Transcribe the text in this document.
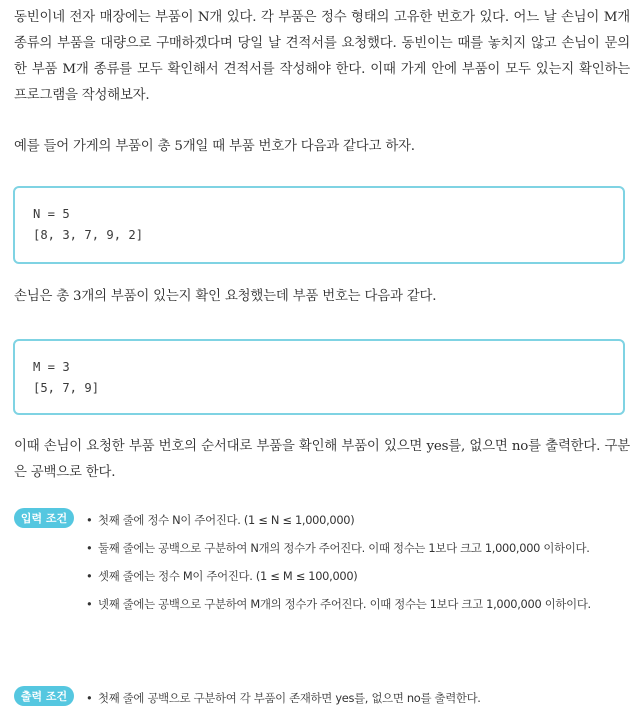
동빈이네 전자 매장에는 부품이 N개 있다. 각 부품은 정수 형태의 고유한 번호가 있다. 어느 날 손님이 M개 종류의 부품을 대량으로 구매하겠다며 당일 날 견적서를 요청했다. 동빈이는 때를 놓치지 않고 손님이 문의한 부품 M개 종류를 모두 확인해서 견적서를 작성해야 한다. 이때 가게 안에 부품이 모두 있는지 확인하는 프로그램을 작성해보자.

예를 들어 가게의 부품이 총 5개일 때 부품 번호가 다음과 같다고 하자.

N = 5
[8, 3, 7, 9, 2]

손님은 총 3개의 부품이 있는지 확인 요청했는데 부품 번호는 다음과 같다.

M = 3
[5, 7, 9]

이때 손님이 요청한 부품 번호의 순서대로 부품을 확인해 부품이 있으면 yes를, 없으면 no를 출력한다. 구분은 공백으로 한다.

입력 조건	• 첫째 줄에 정수 N이 주어진다. (1 ≤ N ≤ 1,000,000)
• 둘째 줄에는 공백으로 구분하여 N개의 정수가 주어진다. 이때 정수는 1보다 크고 1,000,000 이하이다.
• 셋째 줄에는 정수 M이 주어진다. (1 ≤ M ≤ 100,000)
• 넷째 줄에는 공백으로 구분하여 M개의 정수가 주어진다. 이때 정수는 1보다 크고 1,000,000 이하이다.
출력 조건	• 첫째 줄에 공백으로 구분하여 각 부품이 존재하면 yes를, 없으면 no를 출력한다.
